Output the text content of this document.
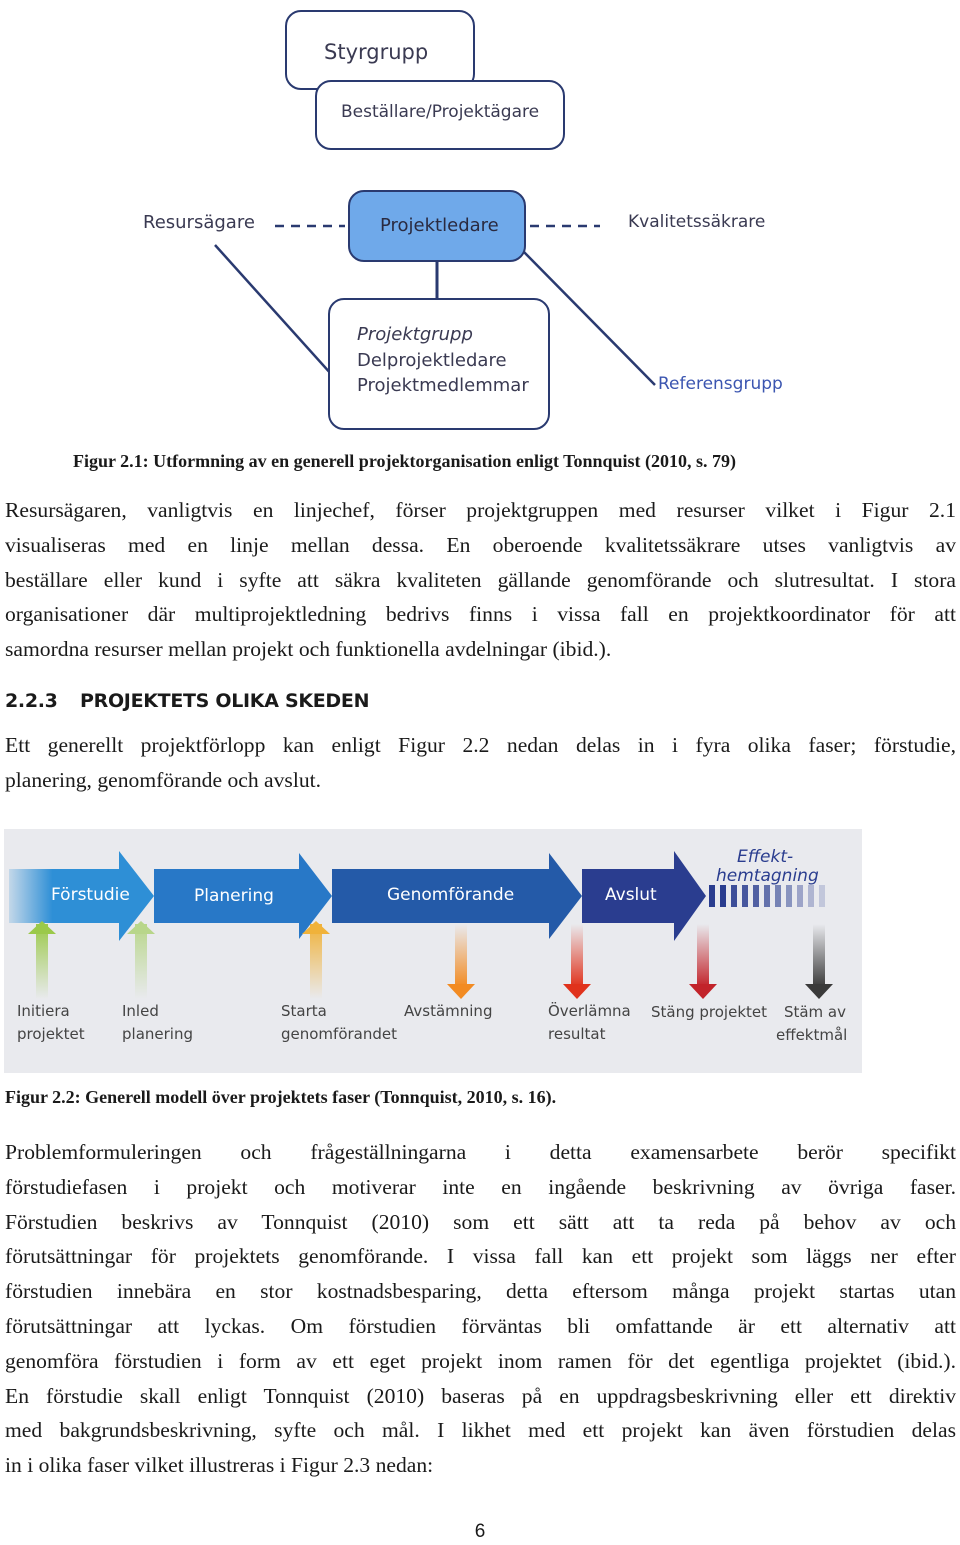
Styrgrupp
Beställare/Projektägare
Resursägare	Projektledare	Kvalitetssäkrare
Projektgrupp
Delprojektledare
Projektmedlemmar	Referensgrupp
Figur 2.1: Utformning av en generell projektorganisation enligt Tonnquist (2010, s. 79)
Resursägaren, vanligtvis en linjechef, förser projektgruppen med resurser vilket i Figur 2.1
visualiseras med en linje mellan dessa. En oberoende kvalitetssäkrare utses vanligtvis av
beställare eller kund i syfte att säkra kvaliteten gällande genomförande och slutresultat. I stora
organisationer där multiprojektledning bedrivs finns i vissa fall en projektkoordinator för att
samordna resurser mellan projekt och funktionella avdelningar (ibid.).
2.2.3 PROJEKTETS OLIKA SKEDEN
Ett generellt projektförlopp kan enligt Figur 2.2 nedan delas in i fyra olika faser; förstudie,
planering, genomförande och avslut.
Förstudie	Planering	Genomförande	Avslut
Effekt-
hemtagning
Initiera
projektet
Inled
planering
Starta
genomförandet
Avstämning	Överlämna
resultat
Stäng projektet	Stäm av
effektmål
Figur 2.2: Generell modell över projektets faser (Tonnquist, 2010, s. 16).
Problemformuleringen och frågeställningarna i detta examensarbete berör specifikt
förstudiefasen i projekt och motiverar inte en ingående beskrivning av övriga faser.
Förstudien beskrivs av Tonnquist (2010) som ett sätt att ta reda på behov av och
förutsättningar för projektets genomförande. I vissa fall kan ett projekt som läggs ner efter
förstudien innebära en stor kostnadsbesparing, detta eftersom många projekt startas utan
förutsättningar att lyckas. Om förstudien förväntas bli omfattande är ett alternativ att
genomföra förstudien i form av ett eget projekt inom ramen för det egentliga projektet (ibid.).
En förstudie skall enligt Tonnquist (2010) baseras på en uppdragsbeskrivning eller ett direktiv
med bakgrundsbeskrivning, syfte och mål. I likhet med ett projekt kan även förstudien delas
in i olika faser vilket illustreras i Figur 2.3 nedan:
6
